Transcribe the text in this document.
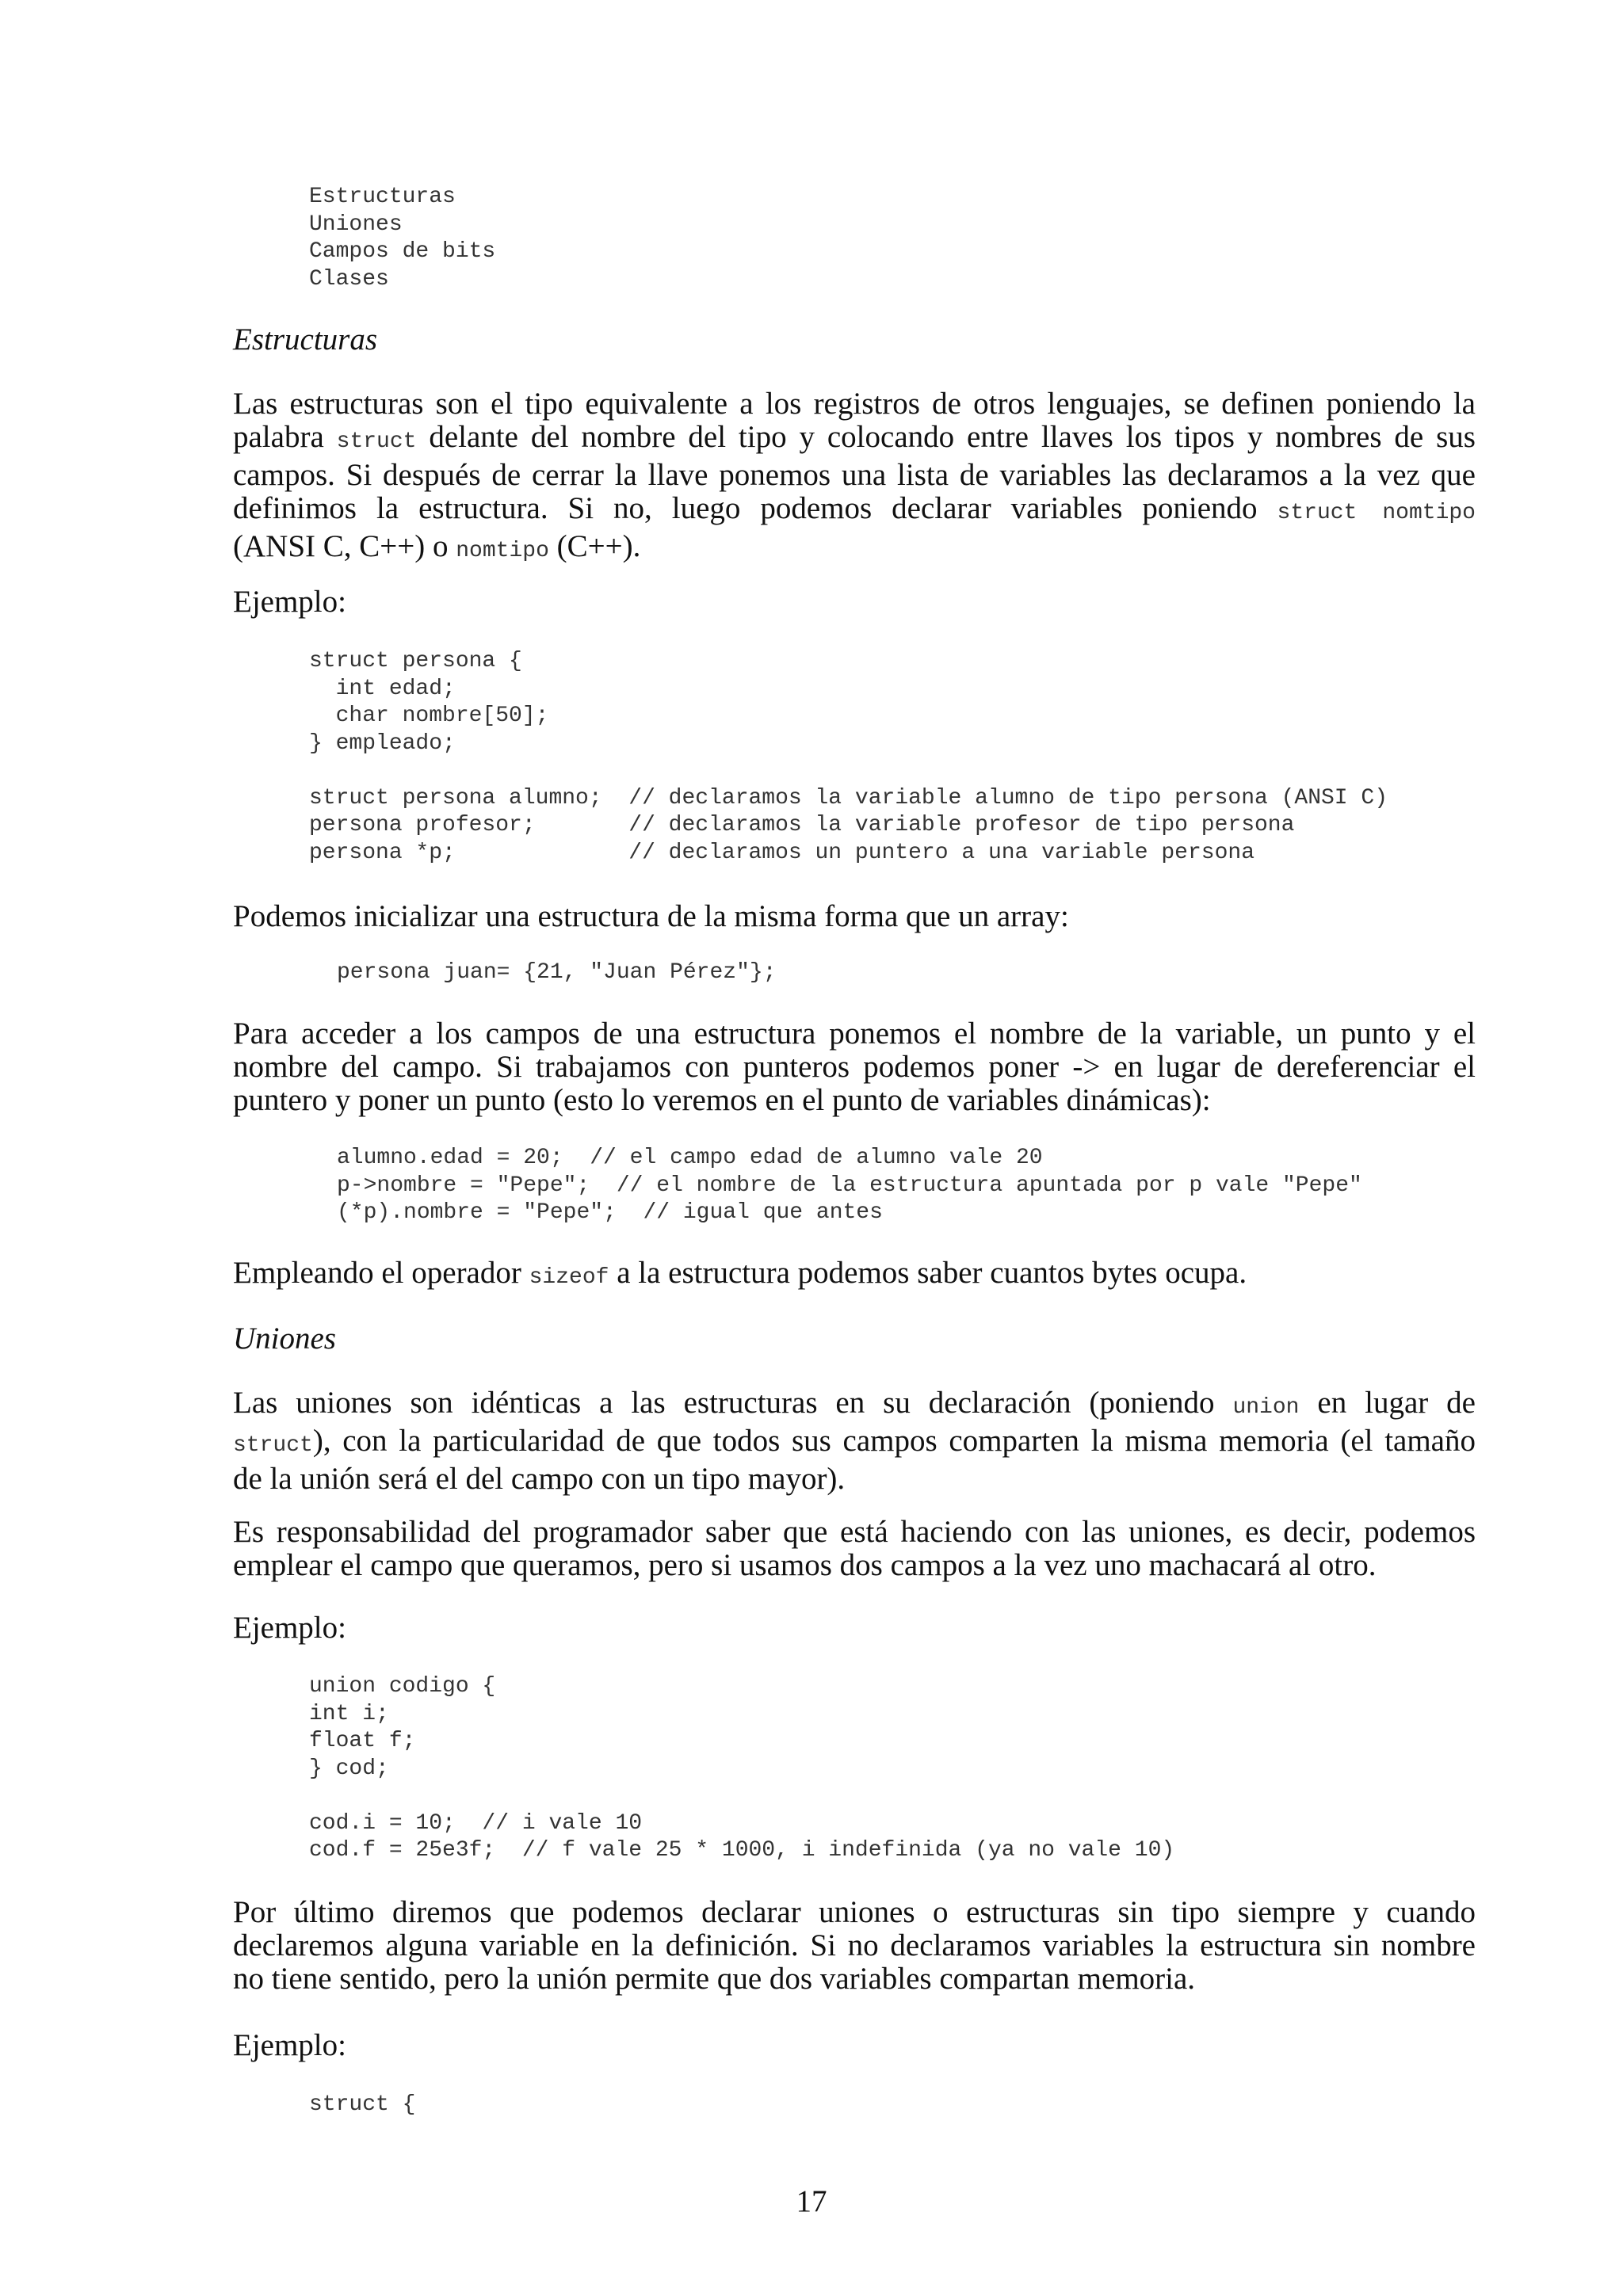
Estructuras
Uniones
Campos de bits
Clases
Estructuras
Las estructuras son el tipo equivalente a los registros de otros lenguajes, se definen poniendo la
palabra struct delante del nombre del tipo y colocando entre llaves los tipos y nombres de sus
campos. Si después de cerrar la llave ponemos una lista de variables las declaramos a la vez que
definimos la estructura. Si no, luego podemos declarar variables poniendo struct nomtipo
(ANSI C, C++) o nomtipo (C++).
Ejemplo:
struct persona {
int edad;
char nombre[50];
} empleado;

struct persona alumno;  // declaramos la variable alumno de tipo persona (ANSI C)
persona profesor;       // declaramos la variable profesor de tipo persona
persona *p;             // declaramos un puntero a una variable persona
Podemos inicializar una estructura de la misma forma que un array:
persona juan= {21, "Juan Pérez"};
Para acceder a los campos de una estructura ponemos el nombre de la variable, un punto y el
nombre del campo. Si trabajamos con punteros podemos poner -> en lugar de dereferenciar el
puntero y poner un punto (esto lo veremos en el punto de variables dinámicas):
alumno.edad = 20;  // el campo edad de alumno vale 20
p->nombre = "Pepe";  // el nombre de la estructura apuntada por p vale "Pepe"
(*p).nombre = "Pepe";  // igual que antes
Empleando el operador sizeof a la estructura podemos saber cuantos bytes ocupa.
Uniones
Las uniones son idénticas a las estructuras en su declaración (poniendo union en lugar de
struct), con la particularidad de que todos sus campos comparten la misma memoria (el tamaño
de la unión será el del campo con un tipo mayor).
Es responsabilidad del programador saber que está haciendo con las uniones, es decir, podemos
emplear el campo que queramos, pero si usamos dos campos a la vez uno machacará al otro.
Ejemplo:
union codigo {
int i;
float f;
} cod;

cod.i = 10;  // i vale 10
cod.f = 25e3f;  // f vale 25 * 1000, i indefinida (ya no vale 10)
Por último diremos que podemos declarar uniones o estructuras sin tipo siempre y cuando
declaremos alguna variable en la definición. Si no declaramos variables la estructura sin nombre
no tiene sentido, pero la unión permite que dos variables compartan memoria.
Ejemplo:
struct {
17
